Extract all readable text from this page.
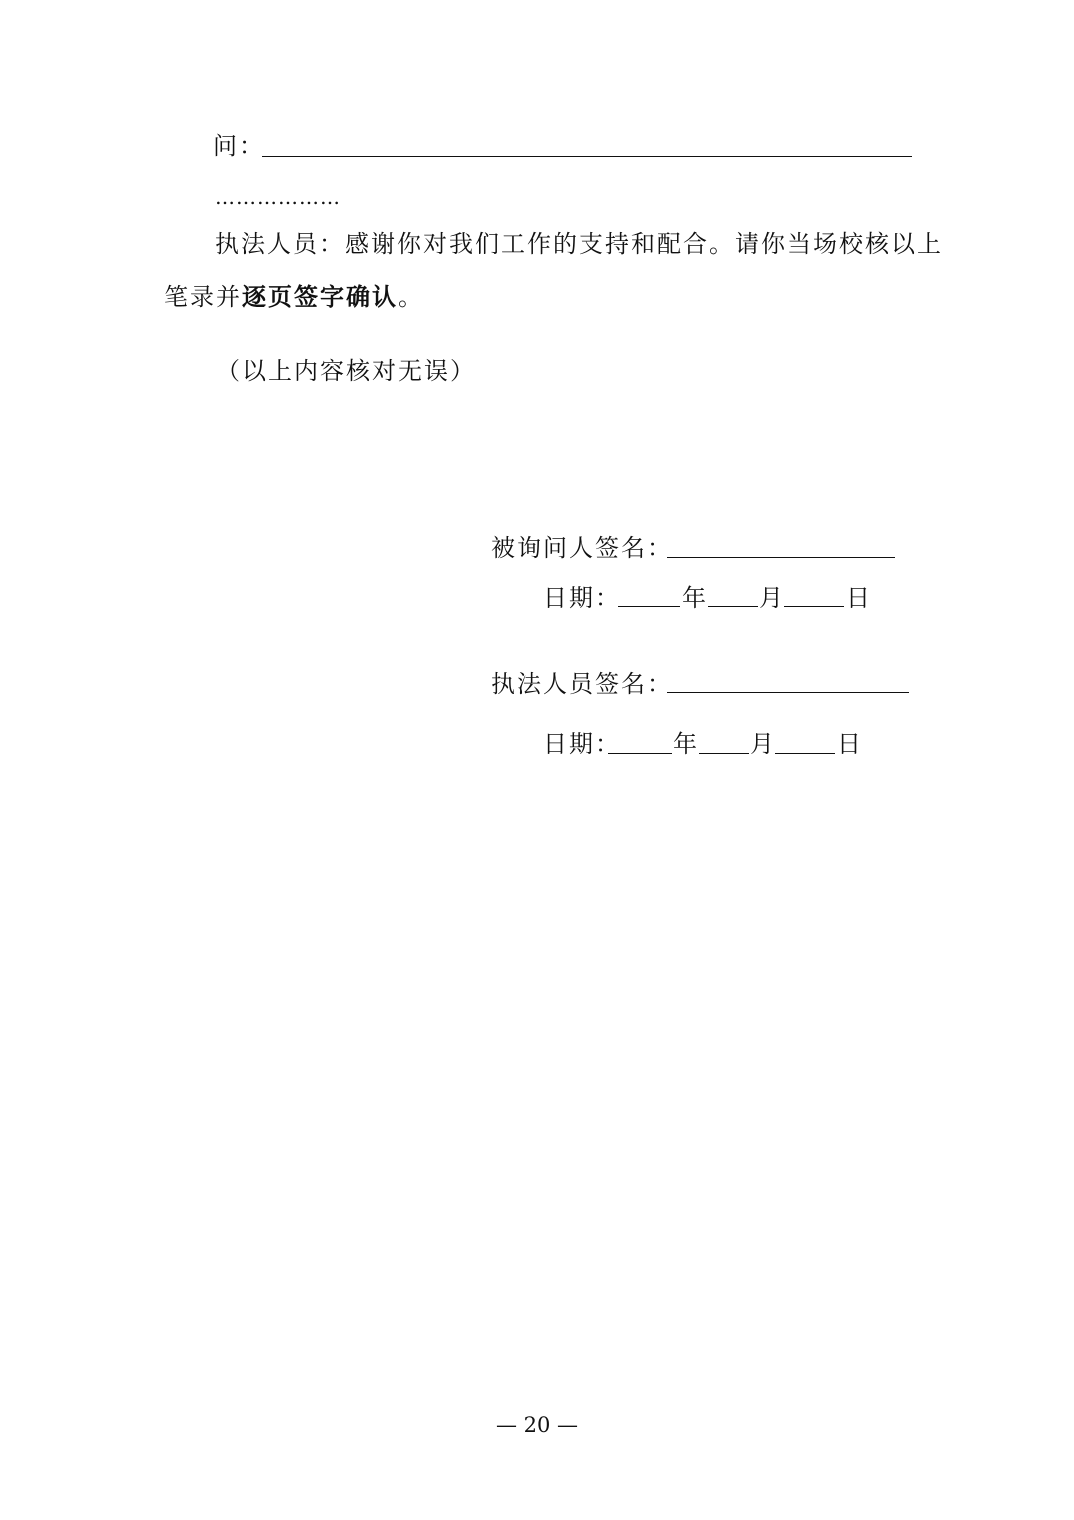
问：
………………
执法人员：感谢你对我们工作的支持和配合。请你当场校核以上
笔录并逐页签字确认。
（以上内容核对无误）
被询问人签名：
日期：	年 月	日
执法人员签名：
日期： 年 月	日
— 20 —
